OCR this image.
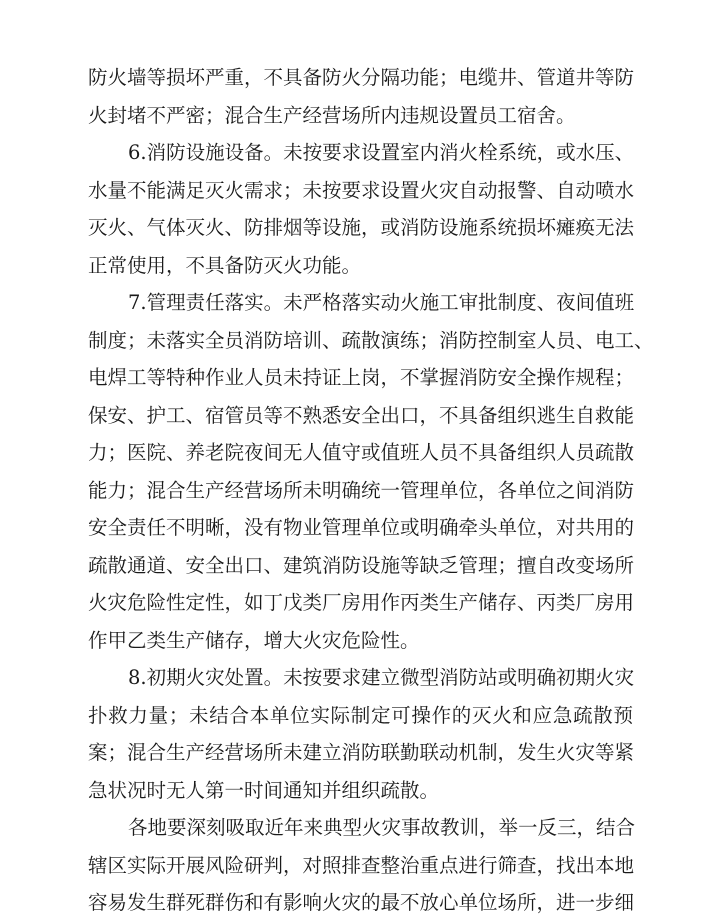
防火墙等损坏严重，不具备防火分隔功能；电缆井、管道井等防
火封堵不严密；混合生产经营场所内违规设置员工宿舍。
6.消防设施设备。未按要求设置室内消火栓系统，或水压、
水量不能满足灭火需求；未按要求设置火灾自动报警、自动喷水
灭火、气体灭火、防排烟等设施，或消防设施系统损坏瘫痪无法
正常使用，不具备防灭火功能。
7.管理责任落实。未严格落实动火施工审批制度、夜间值班
制度；未落实全员消防培训、疏散演练；消防控制室人员、电工、
电焊工等特种作业人员未持证上岗，不掌握消防安全操作规程；
保安、护工、宿管员等不熟悉安全出口，不具备组织逃生自救能
力；医院、养老院夜间无人值守或值班人员不具备组织人员疏散
能力；混合生产经营场所未明确统一管理单位，各单位之间消防
安全责任不明晰，没有物业管理单位或明确牵头单位，对共用的
疏散通道、安全出口、建筑消防设施等缺乏管理；擅自改变场所
火灾危险性定性，如丁戊类厂房用作丙类生产储存、丙类厂房用
作甲乙类生产储存，增大火灾危险性。
8.初期火灾处置。未按要求建立微型消防站或明确初期火灾
扑救力量；未结合本单位实际制定可操作的灭火和应急疏散预
案；混合生产经营场所未建立消防联勤联动机制，发生火灾等紧
急状况时无人第一时间通知并组织疏散。
各地要深刻吸取近年来典型火灾事故教训，举一反三，结合
辖区实际开展风险研判，对照排查整治重点进行筛查，找出本地
容易发生群死群伤和有影响火灾的最不放心单位场所，进一步细
